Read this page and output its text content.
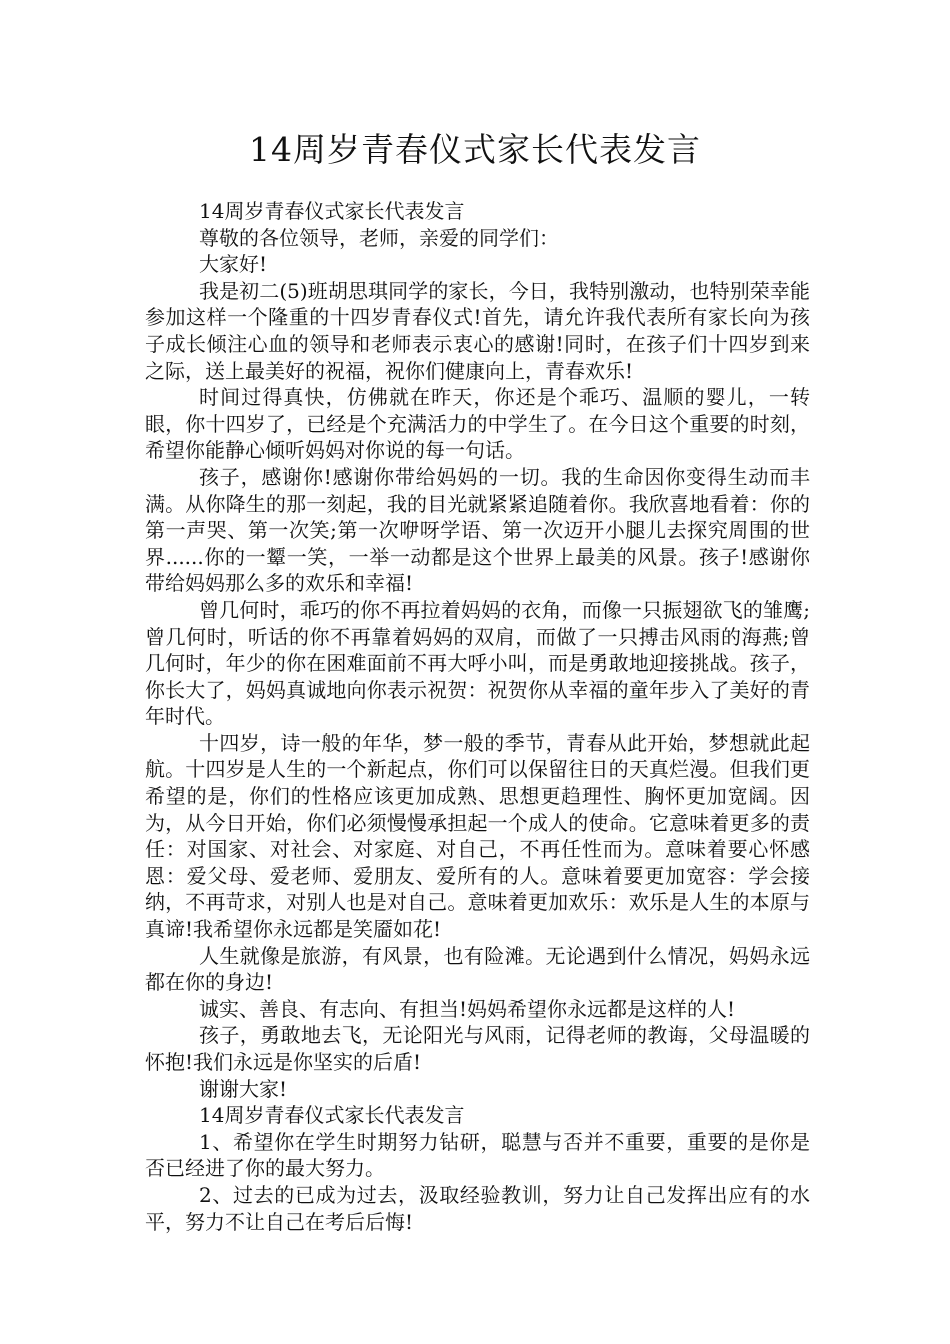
14周岁青春仪式家长代表发言

14周岁青春仪式家长代表发言

尊敬的各位领导，老师，亲爱的同学们：

大家好!

我是初二(5)班胡思琪同学的家长，今日，我特别激动，也特别荣幸能参加这样一个隆重的十四岁青春仪式!首先，请允许我代表所有家长向为孩子成长倾注心血的领导和老师表示衷心的感谢!同时，在孩子们十四岁到来之际，送上最美好的祝福，祝你们健康向上，青春欢乐!

时间过得真快，仿佛就在昨天，你还是个乖巧、温顺的婴儿，一转眼，你十四岁了，已经是个充满活力的中学生了。在今日这个重要的时刻，希望你能静心倾听妈妈对你说的每一句话。

孩子，感谢你!感谢你带给妈妈的一切。我的生命因你变得生动而丰满。从你降生的那一刻起，我的目光就紧紧追随着你。我欣喜地看着：你的第一声哭、第一次笑;第一次咿呀学语、第一次迈开小腿儿去探究周围的世界......你的一颦一笑，一举一动都是这个世界上最美的风景。孩子!感谢你带给妈妈那么多的欢乐和幸福!

曾几何时，乖巧的你不再拉着妈妈的衣角，而像一只振翅欲飞的雏鹰;曾几何时，听话的你不再靠着妈妈的双肩，而做了一只搏击风雨的海燕;曾几何时，年少的你在困难面前不再大呼小叫，而是勇敢地迎接挑战。孩子，你长大了，妈妈真诚地向你表示祝贺：祝贺你从幸福的童年步入了美好的青年时代。

十四岁，诗一般的年华，梦一般的季节，青春从此开始，梦想就此起航。十四岁是人生的一个新起点，你们可以保留往日的天真烂漫。但我们更希望的是，你们的性格应该更加成熟、思想更趋理性、胸怀更加宽阔。因为，从今日开始，你们必须慢慢承担起一个成人的使命。它意味着更多的责任：对国家、对社会、对家庭、对自己，不再任性而为。意味着要心怀感恩：爱父母、爱老师、爱朋友、爱所有的人。意味着要更加宽容：学会接纳，不再苛求，对别人也是对自己。意味着更加欢乐：欢乐是人生的本原与真谛!我希望你永远都是笑靥如花!

人生就像是旅游，有风景，也有险滩。无论遇到什么情况，妈妈永远都在你的身边!

诚实、善良、有志向、有担当!妈妈希望你永远都是这样的人!

孩子，勇敢地去飞，无论阳光与风雨，记得老师的教诲，父母温暖的怀抱!我们永远是你坚实的后盾!

谢谢大家!

14周岁青春仪式家长代表发言

1、希望你在学生时期努力钻研，聪慧与否并不重要，重要的是你是否已经进了你的最大努力。

2、过去的已成为过去，汲取经验教训，努力让自己发挥出应有的水平，努力不让自己在考后后悔!
